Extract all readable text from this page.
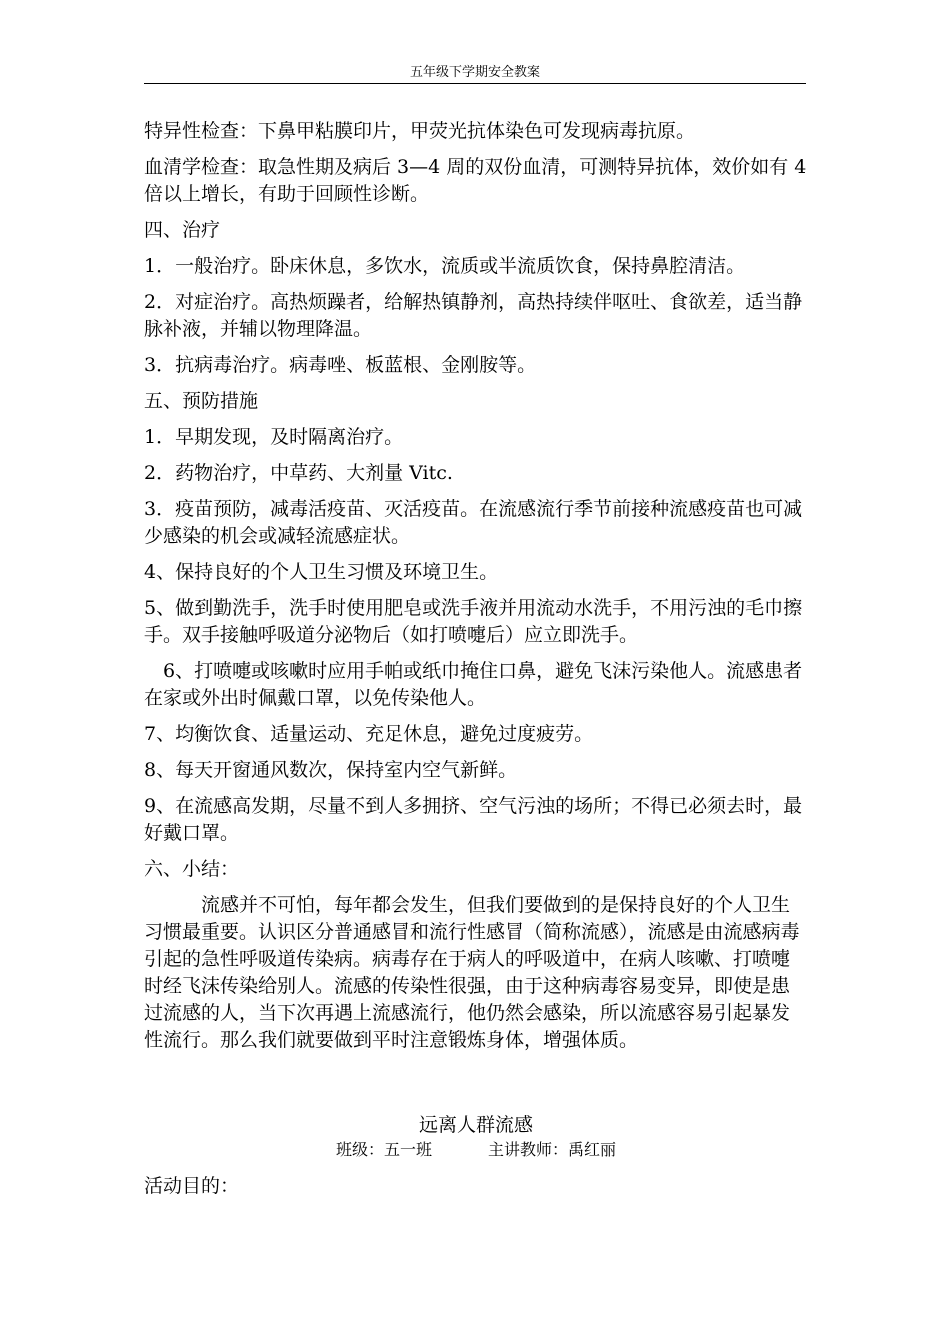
五年级下学期安全教案

特异性检查：下鼻甲粘膜印片，甲荧光抗体染色可发现病毒抗原。

血清学检查：取急性期及病后 3—4 周的双份血清，可测特异抗体，效价如有 4 倍以上增长，有助于回顾性诊断。

四、治疗

1．一般治疗。卧床休息，多饮水，流质或半流质饮食，保持鼻腔清洁。

2．对症治疗。高热烦躁者，给解热镇静剂，高热持续伴呕吐、食欲差，适当静脉补液，并辅以物理降温。

3．抗病毒治疗。病毒唑、板蓝根、金刚胺等。

五、预防措施

1．早期发现，及时隔离治疗。

2．药物治疗，中草药、大剂量 Vitc.

3．疫苗预防，减毒活疫苗、灭活疫苗。在流感流行季节前接种流感疫苗也可减少感染的机会或减轻流感症状。

4、保持良好的个人卫生习惯及环境卫生。

5、做到勤洗手，洗手时使用肥皂或洗手液并用流动水洗手，不用污浊的毛巾擦手。双手接触呼吸道分泌物后（如打喷嚏后）应立即洗手。

6、打喷嚏或咳嗽时应用手帕或纸巾掩住口鼻，避免飞沫污染他人。流感患者在家或外出时佩戴口罩，以免传染他人。

7、均衡饮食、适量运动、充足休息，避免过度疲劳。

8、每天开窗通风数次，保持室内空气新鲜。

9、在流感高发期，尽量不到人多拥挤、空气污浊的场所；不得已必须去时，最好戴口罩。

六、小结：

流感并不可怕，每年都会发生，但我们要做到的是保持良好的个人卫生习惯最重要。认识区分普通感冒和流行性感冒（简称流感），流感是由流感病毒引起的急性呼吸道传染病。病毒存在于病人的呼吸道中，在病人咳嗽、打喷嚏时经飞沫传染给别人。流感的传染性很强，由于这种病毒容易变异，即使是患过流感的人，当下次再遇上流感流行，他仍然会感染，所以流感容易引起暴发性流行。那么我们就要做到平时注意锻炼身体，增强体质。

远离人群流感
班级：五一班	主讲教师：禹红丽
活动目的：
